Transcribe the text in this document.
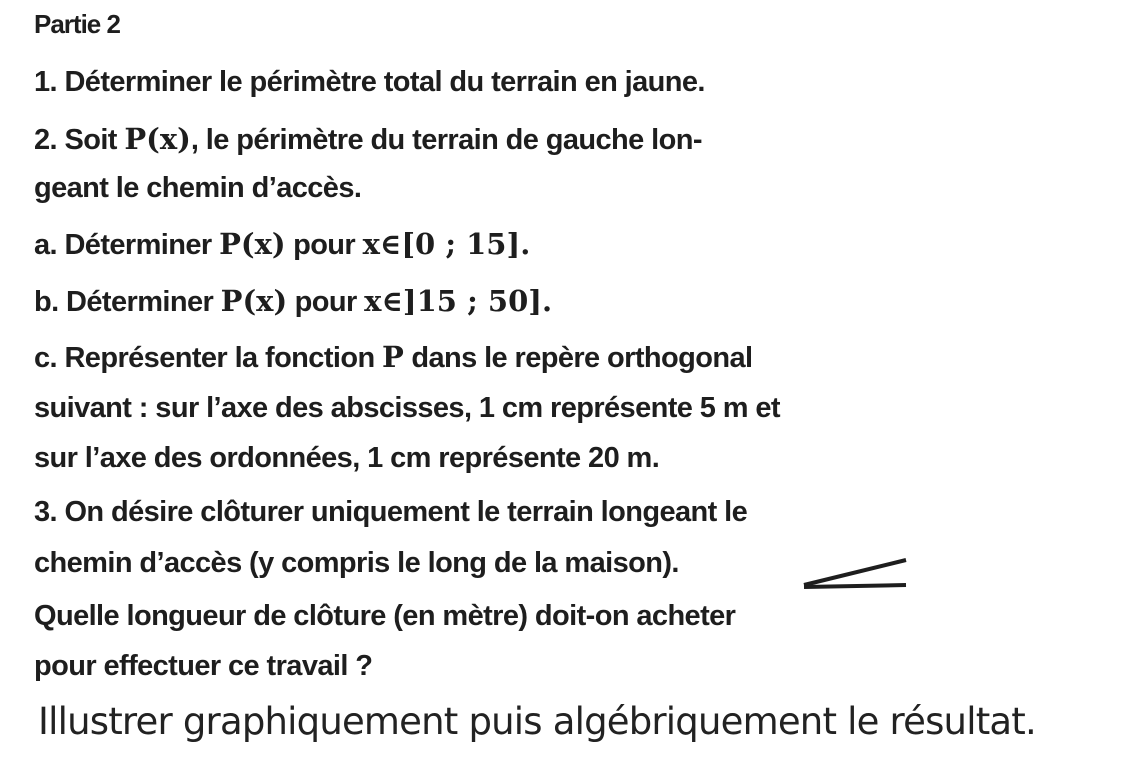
Partie 2
1. Déterminer le périmètre total du terrain en jaune.
2. Soit P(x), le périmètre du terrain de gauche lon-
geant le chemin d’accès.
a. Déterminer P(x) pour x∈[0 ; 15].
b. Déterminer P(x) pour x∈]15 ; 50].
c. Représenter la fonction P dans le repère orthogonal
suivant : sur l’axe des abscisses, 1 cm représente 5 m et
sur l’axe des ordonnées, 1 cm représente 20 m.
3. On désire clôturer uniquement le terrain longeant le
chemin d’accès (y compris le long de la maison).
Quelle longueur de clôture (en mètre) doit-on acheter
pour effectuer ce travail ?
Illustrer graphiquement puis algébriquement le résultat.
